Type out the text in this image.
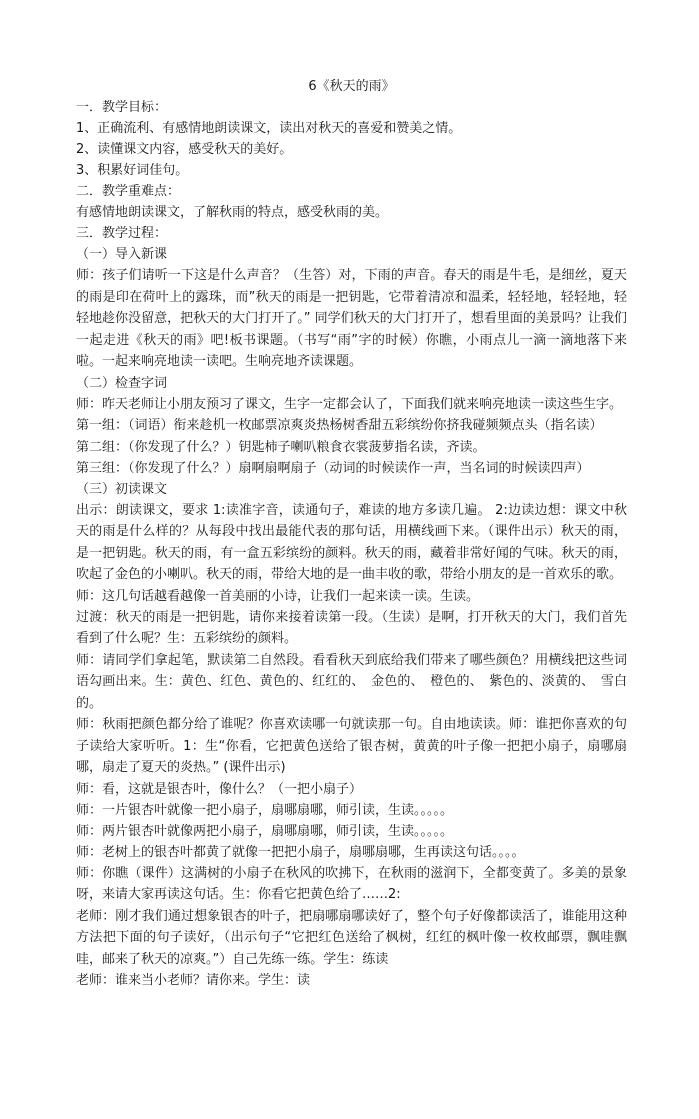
6《秋天的雨》

一．教学目标：

1、正确流利、有感情地朗读课文，读出对秋天的喜爱和赞美之情。

2、读懂课文内容，感受秋天的美好。

3、积累好词佳句。

二．教学重难点：

有感情地朗读课文，了解秋雨的特点，感受秋雨的美。

三．教学过程：

（一）导入新课

师：孩子们请听一下这是什么声音？（生答）对，下雨的声音。春天的雨是牛毛，是细丝，夏天的雨是印在荷叶上的露珠，而”秋天的雨是一把钥匙，它带着清凉和温柔，轻轻地，轻轻地，轻轻地趁你没留意，把秋天的大门打开了。” 同学们秋天的大门打开了，想看里面的美景吗？让我们一起走进《秋天的雨》吧!板书课题。（书写“雨”字的时候）你瞧，小雨点儿一滴一滴地落下来啦。一起来响亮地读一读吧。生响亮地齐读课题。

（二）检查字词

师：昨天老师让小朋友预习了课文，生字一定都会认了，下面我们就来响亮地读一读这些生字。

第一组：（词语）衔来趁机一枚邮票凉爽炎热杨树香甜五彩缤纷你挤我碰频频点头（指名读）

第二组：（你发现了什么？）钥匙柿子喇叭粮食衣裳菠萝指名读，齐读。

第三组：（你发现了什么？）扇啊扇啊扇子（动词的时候读作一声，当名词的时候读四声）

（三）初读课文

出示：朗读课文，要求 1:读准字音，读通句子，难读的地方多读几遍。 2:边读边想：课文中秋天的雨是什么样的？从每段中找出最能代表的那句话，用横线画下来。（课件出示）秋天的雨，是一把钥匙。秋天的雨，有一盒五彩缤纷的颜料。秋天的雨，藏着非常好闻的气味。秋天的雨，吹起了金色的小喇叭。秋天的雨，带给大地的是一曲丰收的歌，带给小朋友的是一首欢乐的歌。

师：这几句话越看越像一首美丽的小诗，让我们一起来读一读。生读。

过渡：秋天的雨是一把钥匙，请你来接着读第一段。（生读）是啊，打开秋天的大门，我们首先看到了什么呢？生：五彩缤纷的颜料。

师：请同学们拿起笔，默读第二自然段。看看秋天到底给我们带来了哪些颜色？用横线把这些词语勾画出来。生：黄色、红色、黄色的、红红的、　金色的、　橙色的、　紫色的、淡黄的、　雪白的。

师：秋雨把颜色都分给了谁呢？你喜欢读哪一句就读那一句。自由地读读。师：谁把你喜欢的句子读给大家听听。1：生“你看，它把黄色送给了银杏树，黄黄的叶子像一把把小扇子，扇哪扇哪，扇走了夏天的炎热。” (课件出示)

师：看，这就是银杏叶，像什么？（一把小扇子）

师：一片银杏叶就像一把小扇子，扇哪扇哪，师引读，生读。。。。。

师：两片银杏叶就像两把小扇子，扇哪扇哪，师引读，生读。。。。。

师：老树上的银杏叶都黄了就像一把把小扇子，扇哪扇哪，生再读这句话。。。。

师：你瞧（课件）这满树的小扇子在秋风的吹拂下，在秋雨的滋润下，全都变黄了。多美的景象呀，来请大家再读这句话。生：你看它把黄色给了……2:

老师：刚才我们通过想象银杏的叶子，把扇哪扇哪读好了，整个句子好像都读活了，谁能用这种方法把下面的句子读好，（出示句子“它把红色送给了枫树，红红的枫叶像一枚枚邮票，飘哇飘哇，邮来了秋天的凉爽。”）自己先练一练。学生：练读

老师：谁来当小老师？请你来。学生：读
